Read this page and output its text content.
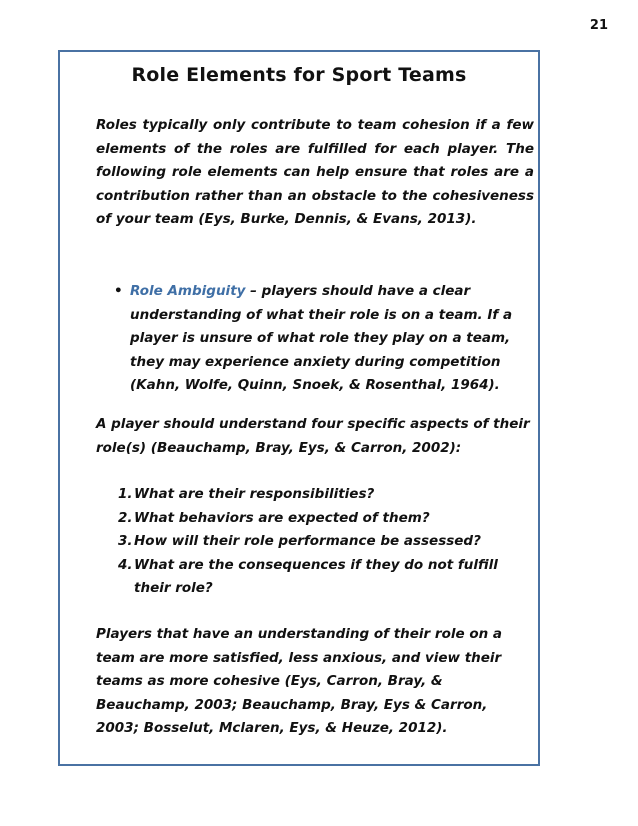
21
Role Elements for Sport Teams

Roles typically only contribute to team cohesion if a few elements of the roles are fulfilled for each player. The following role elements can help ensure that roles are a contribution rather than an obstacle to the cohesiveness of your team (Eys, Burke, Dennis, & Evans, 2013).

• Role Ambiguity – players should have a clear understanding of what their role is on a team. If a player is unsure of what role they play on a team, they may experience anxiety during competition (Kahn, Wolfe, Quinn, Snoek, & Rosenthal, 1964).

A player should understand four specific aspects of their role(s) (Beauchamp, Bray, Eys, & Carron, 2002):

1. What are their responsibilities?
2. What behaviors are expected of them?
3. How will their role performance be assessed?
4. What are the consequences if they do not fulfill their role?

Players that have an understanding of their role on a team are more satisfied, less anxious, and view their teams as more cohesive (Eys, Carron, Bray, & Beauchamp, 2003; Beauchamp, Bray, Eys & Carron, 2003; Bosselut, Mclaren, Eys, & Heuze, 2012).
